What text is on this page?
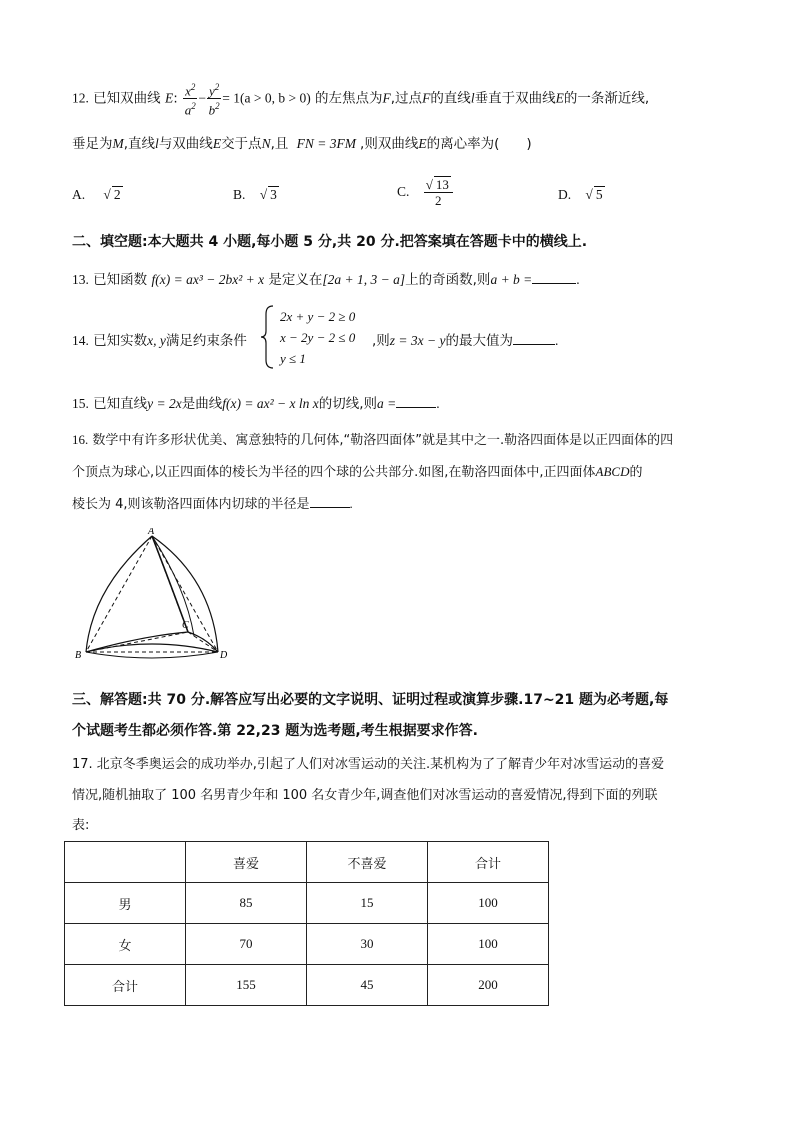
12. 已知双曲线 E: $\frac{x^2}{a^2} - \frac{y^2}{b^2} = 1(a > 0$, b > 0) 的左焦点为F,过点F的直线l垂直于双曲线E的一条渐近线,
垂足为M,直线l与双曲线E交于点N,且 FN = 3FM ,则双曲线E的离心率为(　　)
A. √ 2	B. √ 3	C. $\frac{√ 13}{2}$	D. √ 5
二、填空题:本大题共 4 小题,每小题 5 分,共 20 分.把答案填在答题卡中的横线上.
13. 已知函数 f(x) = ax³ − 2bx² + x 是定义在[2a + 1, 3 − a]上的奇函数,则a + b =	.
14. 已知实数x, y满足约束条件
2x + y − 2 ≥ 0
x − 2y − 2 ≤ 0
y ≤ 1
,则z = 3x − y的最大值为	.
15. 已知直线y = 2x是曲线f(x) = ax² − x ln x的切线,则a =	.
16. 数学中有许多形状优美、寓意独特的几何体,“勒洛四面体”就是其中之一.勒洛四面体是以正四面体的四
个顶点为球心,以正四面体的棱长为半径的四个球的公共部分.如图,在勒洛四面体中,正四面体ABCD的
棱长为 4,则该勒洛四面体内切球的半径是	.
A
B
C
D
三、解答题:共 70 分.解答应写出必要的文字说明、证明过程或演算步骤.17~21 题为必考题,每
个试题考生都必须作答.第 22,23 题为选考题,考生根据要求作答.
17. 北京冬季奥运会的成功举办,引起了人们对冰雪运动的关注.某机构为了了解青少年对冰雪运动的喜爱
情况,随机抽取了 100 名男青少年和 100 名女青少年,调查他们对冰雪运动的喜爱情况,得到下面的列联
表:
	喜爱	不喜爱	合计
男	85	15	100
女	70	30	100
合计	155	45	200
